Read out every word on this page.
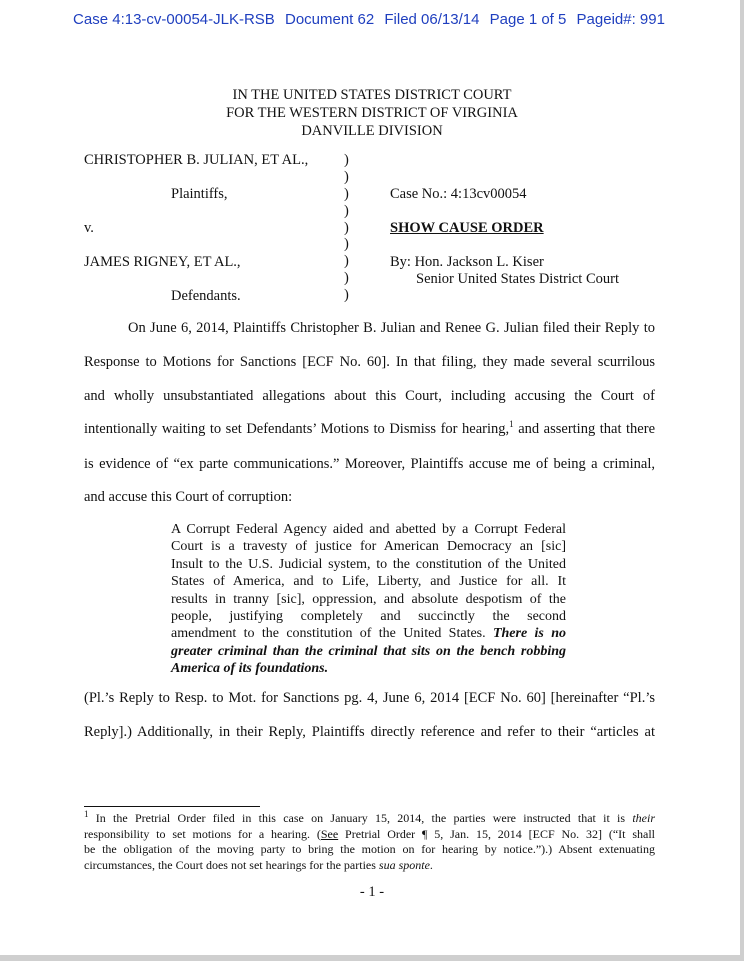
Case 4:13-cv-00054-JLK-RSB Document 62 Filed 06/13/14 Page 1 of 5 Pageid#: 991
IN THE UNITED STATES DISTRICT COURT
FOR THE WESTERN DISTRICT OF VIRGINIA
DANVILLE DIVISION
CHRISTOPHER B. JULIAN, ET AL.,
Plaintiffs,
v.
JAMES RIGNEY, ET AL.,
Defendants.
)
)
)
)
)
)
)
)
)
Case No.: 4:13cv00054
SHOW CAUSE ORDER
By: Hon. Jackson L. Kiser
Senior United States District Court
On June 6, 2014, Plaintiffs Christopher B. Julian and Renee G. Julian filed their Reply to
Response to Motions for Sanctions [ECF No. 60]. In that filing, they made several scurrilous
and wholly unsubstantiated allegations about this Court, including accusing the Court of
intentionally waiting to set Defendants’ Motions to Dismiss for hearing,$^1$ and asserting that there
is evidence of “ex parte communications.” Moreover, Plaintiffs accuse me of being a criminal,
and accuse this Court of corruption:
A Corrupt Federal Agency aided and abetted by a Corrupt Federal
Court is a travesty of justice for American Democracy an [sic]
Insult to the U.S. Judicial system, to the constitution of the United
States of America, and to Life, Liberty, and Justice for all. It
results in tranny [sic], oppression, and absolute despotism of the
people, justifying completely and succinctly the second
amendment to the constitution of the United States. There is no
greater criminal than the criminal that sits on the bench robbing
America of its foundations.
(Pl.’s Reply to Resp. to Mot. for Sanctions pg. 4, June 6, 2014 [ECF No. 60] [hereinafter “Pl.’s
Reply].) Additionally, in their Reply, Plaintiffs directly reference and refer to their “articles at
$^1$ In the Pretrial Order filed in this case on January 15, 2014, the parties were instructed that it is their
responsibility to set motions for a hearing. (See Pretrial Order ¶ 5, Jan. 15, 2014 [ECF No. 32] (“It shall
be the obligation of the moving party to bring the motion on for hearing by notice.”).) Absent extenuating
circumstances, the Court does not set hearings for the parties sua sponte.
- 1 -
